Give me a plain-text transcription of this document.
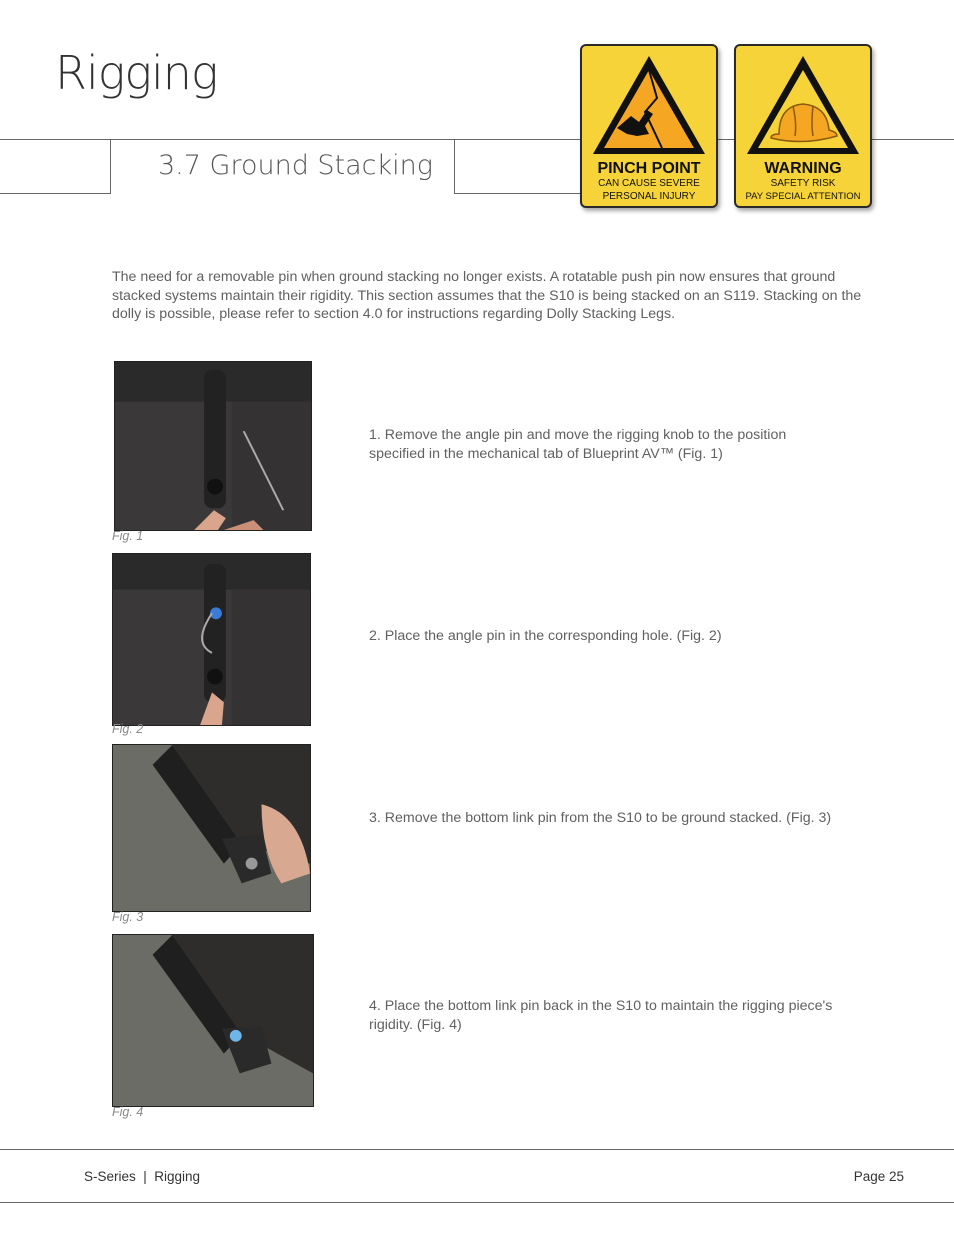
Rigging
3.7 Ground Stacking	PINCH POINT
CAN CAUSE SEVERE
PERSONAL INJURY
WARNING
SAFETY RISK
PAY SPECIAL ATTENTION

The need for a removable pin when ground stacking no longer exists. A rotatable push pin now ensures that ground stacked systems maintain their rigidity. This section assumes that the S10 is being stacked on an S119. Stacking on the dolly is possible, please refer to section 4.0 for instructions regarding Dolly Stacking Legs.

Fig. 1

1. Remove the angle pin and move the rigging knob to the position specified in the mechanical tab of Blueprint AV™ (Fig. 1)

Fig. 2

2. Place the angle pin in the corresponding hole. (Fig. 2)

Fig. 3

3. Remove the bottom link pin from the S10 to be ground stacked. (Fig. 3)

Fig. 4

4. Place the bottom link pin back in the S10 to maintain the rigging piece's rigidity. (Fig. 4)

S-Series  |  Rigging	Page 25
